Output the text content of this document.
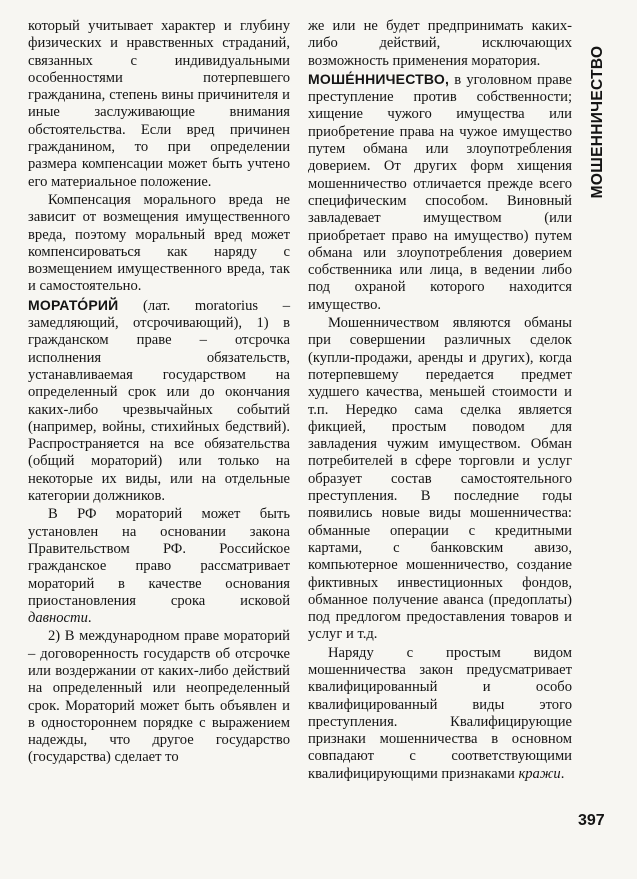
который учитывает характер и глубину физических и нравственных страданий, связанных с индивидуальными особенностями потерпевшего гражданина, степень вины причинителя и иные заслуживающие внимания обстоятельства. Если вред причинен гражданином, то при определении размера компенсации может быть учтено его материальное положение.

Компенсация морального вреда не зависит от возмещения имущественного вреда, поэтому моральный вред может компенсироваться как наряду с возмещением имущественного вреда, так и самостоятельно.

МОРАТО́РИЙ (лат. moratorius – замедляющий, отсрочивающий), 1) в гражданском праве – отсрочка исполнения обязательств, устанавливаемая государством на определенный срок или до окончания каких-либо чрезвычайных событий (например, войны, стихийных бедствий). Распространяется на все обязательства (общий мораторий) или только на некоторые их виды, или на отдельные категории должников.

В РФ мораторий может быть установлен на основании закона Правительством РФ. Российское гражданское право рассматривает мораторий в качестве основания приостановления срока исковой давности.

2) В международном праве мораторий – договоренность государств об отсрочке или воздержании от каких-либо действий на определенный или неопределенный срок. Мораторий может быть объявлен и в одностороннем порядке с выражением надежды, что другое государство (государства) сделает то

же или не будет предпринимать каких-либо действий, исключающих возможность применения моратория.

МОШЕ́ННИЧЕСТВО, в уголовном праве преступление против собственности; хищение чужого имущества или приобретение права на чужое имущество путем обмана или злоупотребления доверием. От других форм хищения мошенничество отличается прежде всего специфическим способом. Виновный завладевает имуществом (или приобретает право на имущество) путем обмана или злоупотребления доверием собственника или лица, в ведении либо под охраной которого находится имущество.

Мошенничеством являются обманы при совершении различных сделок (купли-продажи, аренды и других), когда потерпевшему передается предмет худшего качества, меньшей стоимости и т.п. Нередко сама сделка является фикцией, простым поводом для завладения чужим имуществом. Обман потребителей в сфере торговли и услуг образует состав самостоятельного преступления. В последние годы появились новые виды мошенничества: обманные операции с кредитными картами, с банковским авизо, компьютерное мошенничество, создание фиктивных инвестиционных фондов, обманное получение аванса (предоплаты) под предлогом предоставления товаров и услуг и т.д.

Наряду с простым видом мошенничества закон предусматривает квалифицированный и особо квалифицированный виды этого преступления. Квалифицирующие признаки мошенничества в основном совпадают с соответствующими квалифицирующими признаками кражи.

МОШЕННИЧЕСТВО
397
